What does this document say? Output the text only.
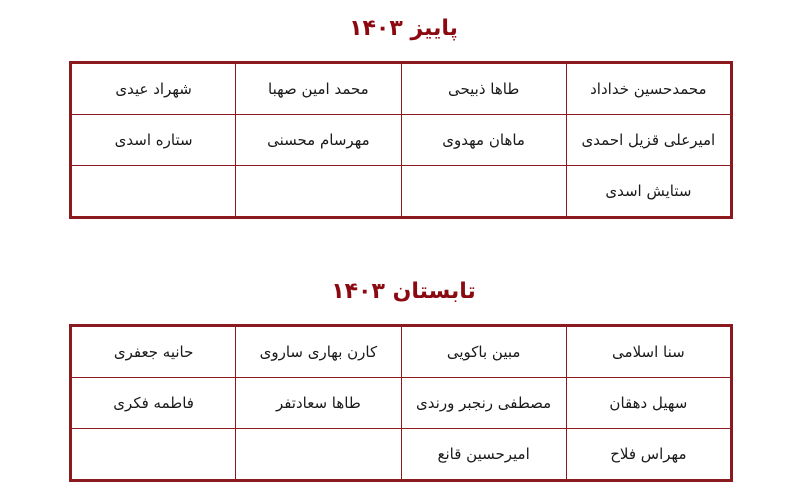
پاییز ۱۴۰۳
محمدحسین خداداد	طاها ذبیحی	محمد امین صهبا	شهراد عیدی
امیرعلی قزیل احمدی	ماهان مهدوی	مهرسام محسنی	ستاره اسدی
ستایش اسدی			
تابستان ۱۴۰۳
سنا اسلامی	مبین باکویی	کارن بهاری ساروی	حانیه جعفری
سهیل دهقان	مصطفی رنجبر ورندی	طاها سعادتفر	فاطمه فکری
مهراس فلاح	امیرحسین قانع		
